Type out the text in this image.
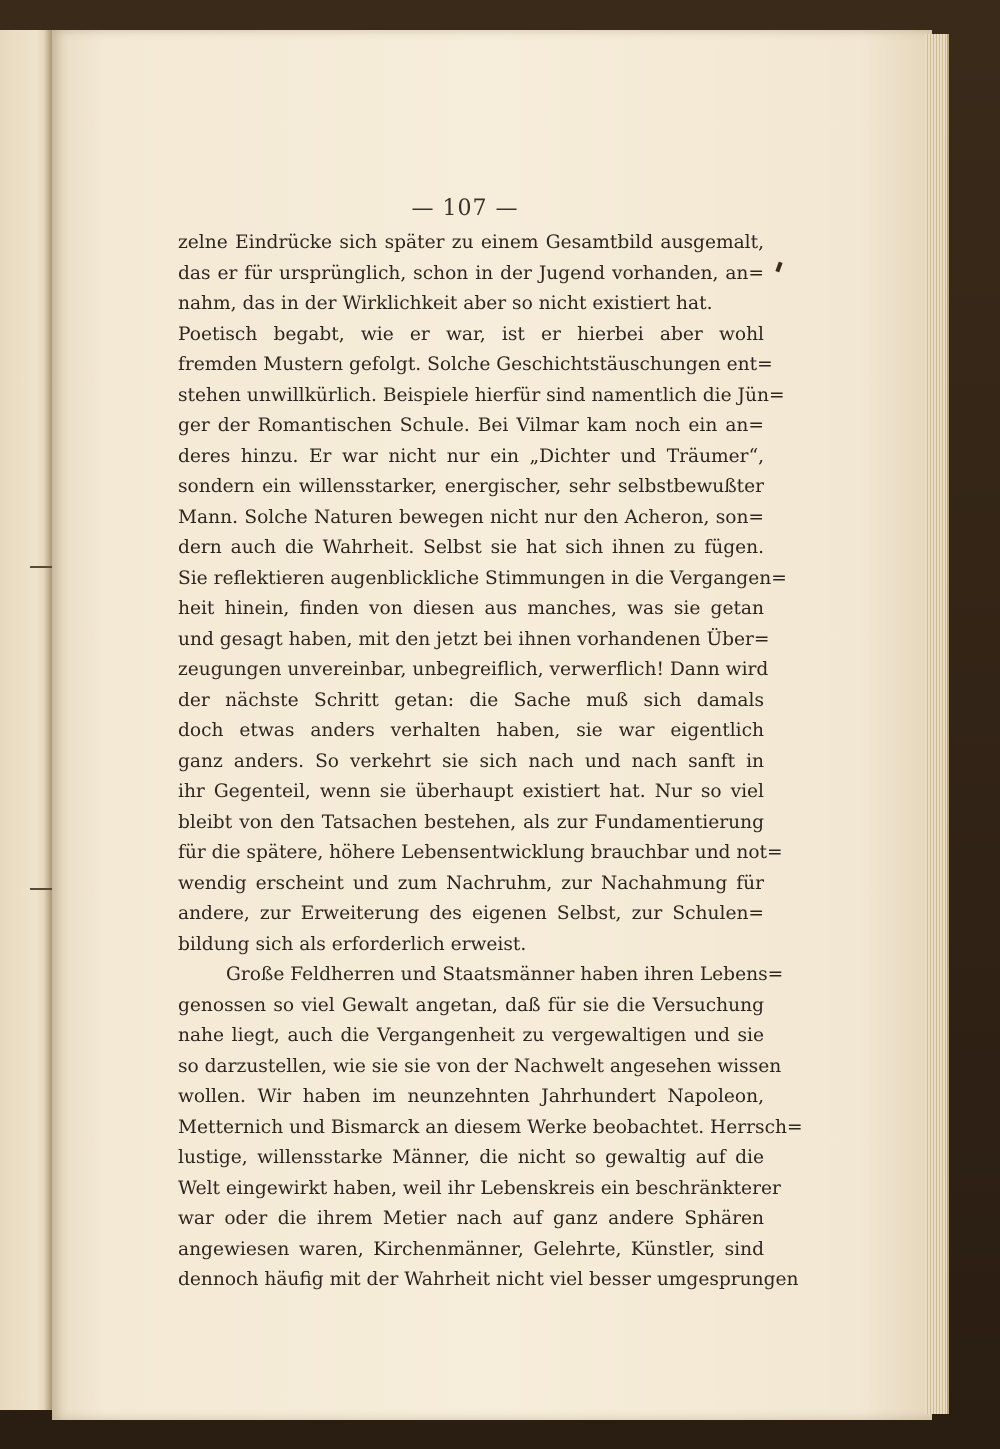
— 107 —
zelne Eindrücke sich später zu einem Gesamtbild ausgemalt,
das er für ursprünglich, schon in der Jugend vorhanden, an=
nahm, das in der Wirklichkeit aber so nicht existiert hat.
Poetisch begabt, wie er war, ist er hierbei aber wohl
fremden Mustern gefolgt. Solche Geschichtstäuschungen ent=
stehen unwillkürlich. Beispiele hierfür sind namentlich die Jün=
ger der Romantischen Schule. Bei Vilmar kam noch ein an=
deres hinzu. Er war nicht nur ein „Dichter und Träumer“,
sondern ein willensstarker, energischer, sehr selbstbewußter
Mann. Solche Naturen bewegen nicht nur den Acheron, son=
dern auch die Wahrheit. Selbst sie hat sich ihnen zu fügen.
Sie reflektieren augenblickliche Stimmungen in die Vergangen=
heit hinein, finden von diesen aus manches, was sie getan
und gesagt haben, mit den jetzt bei ihnen vorhandenen Über=
zeugungen unvereinbar, unbegreiflich, verwerflich! Dann wird
der nächste Schritt getan: die Sache muß sich damals
doch etwas anders verhalten haben, sie war eigentlich
ganz anders. So verkehrt sie sich nach und nach sanft in
ihr Gegenteil, wenn sie überhaupt existiert hat. Nur so viel
bleibt von den Tatsachen bestehen, als zur Fundamentierung
für die spätere, höhere Lebensentwicklung brauchbar und not=
wendig erscheint und zum Nachruhm, zur Nachahmung für
andere, zur Erweiterung des eigenen Selbst, zur Schulen=
bildung sich als erforderlich erweist.
Große Feldherren und Staatsmänner haben ihren Lebens=
genossen so viel Gewalt angetan, daß für sie die Versuchung
nahe liegt, auch die Vergangenheit zu vergewaltigen und sie
so darzustellen, wie sie sie von der Nachwelt angesehen wissen
wollen. Wir haben im neunzehnten Jahrhundert Napoleon,
Metternich und Bismarck an diesem Werke beobachtet. Herrsch=
lustige, willensstarke Männer, die nicht so gewaltig auf die
Welt eingewirkt haben, weil ihr Lebenskreis ein beschränkterer
war oder die ihrem Metier nach auf ganz andere Sphären
angewiesen waren, Kirchenmänner, Gelehrte, Künstler, sind
dennoch häufig mit der Wahrheit nicht viel besser umgesprungen
